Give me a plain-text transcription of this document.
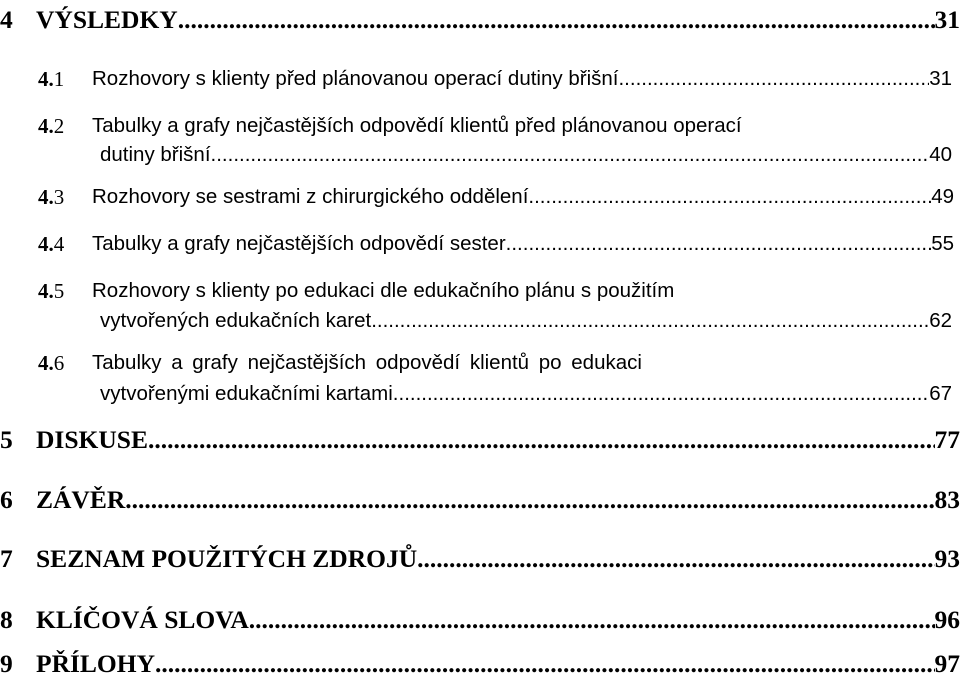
4 VÝSLEDKY .....	31
4.1 Rozhovory s klienty před plánovanou operací dutiny břišní. .....	31
4.2 Tabulky a grafy nejčastějších odpovědí klientů před plánovanou operací
dutiny břišní. .....	40
4.3 Rozhovory se sestrami z chirurgického oddělení .....	49
4.4 Tabulky a grafy nejčastějších odpovědí sester .....	55
4.5 Rozhovory s klienty po edukaci dle edukačního plánu s použitím
vytvořených edukačních karet .....	62
4.6 Tabulky a grafy nejčastějších odpovědí klientů po edukaci
vytvořenými edukačními kartami .....	67
5 DISKUSE .....	77
6 ZÁVĚR .....	83
7 SEZNAM POUŽITÝCH ZDROJŮ .....	93
8 KLÍČOVÁ SLOVA .....	96
9 PŘÍLOHY .....	97
